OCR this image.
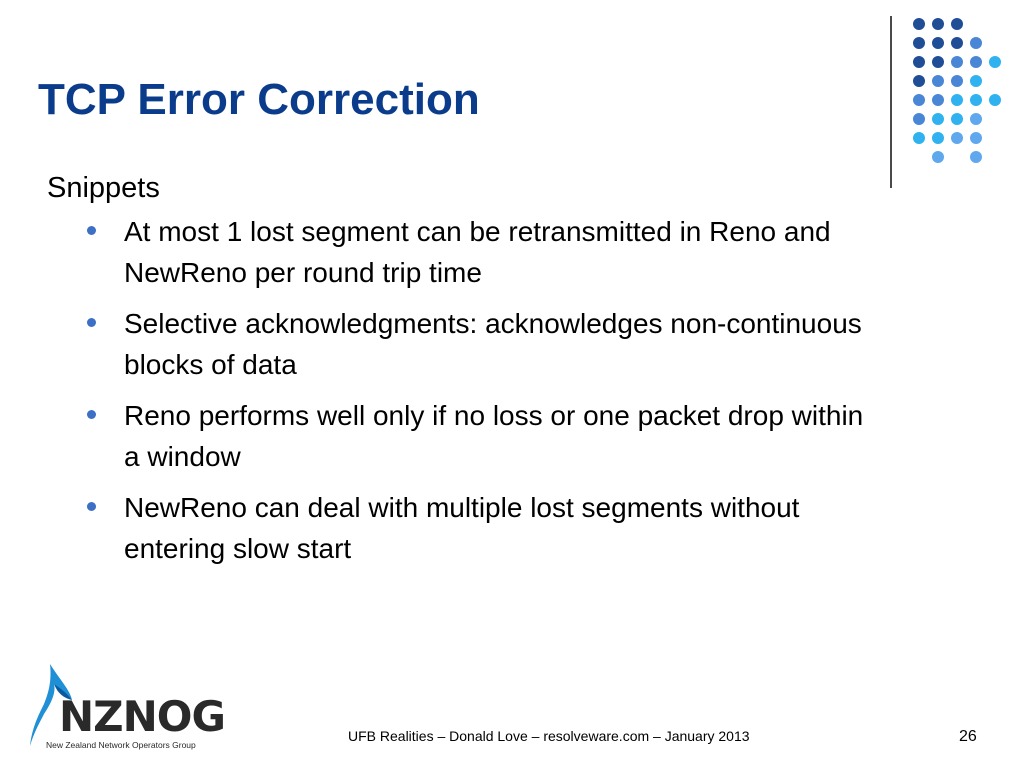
TCP Error Correction
Snippets
At most 1 lost segment can be retransmitted in Reno and NewReno per round trip time
Selective acknowledgments: acknowledges non-continuous blocks of data
Reno performs well only if no loss or one packet drop within a window
NewReno can deal with multiple lost segments without entering slow start
NZNOG
New Zealand Network Operators Group
UFB Realities – Donald Love – resolveware.com – January 2013	26
